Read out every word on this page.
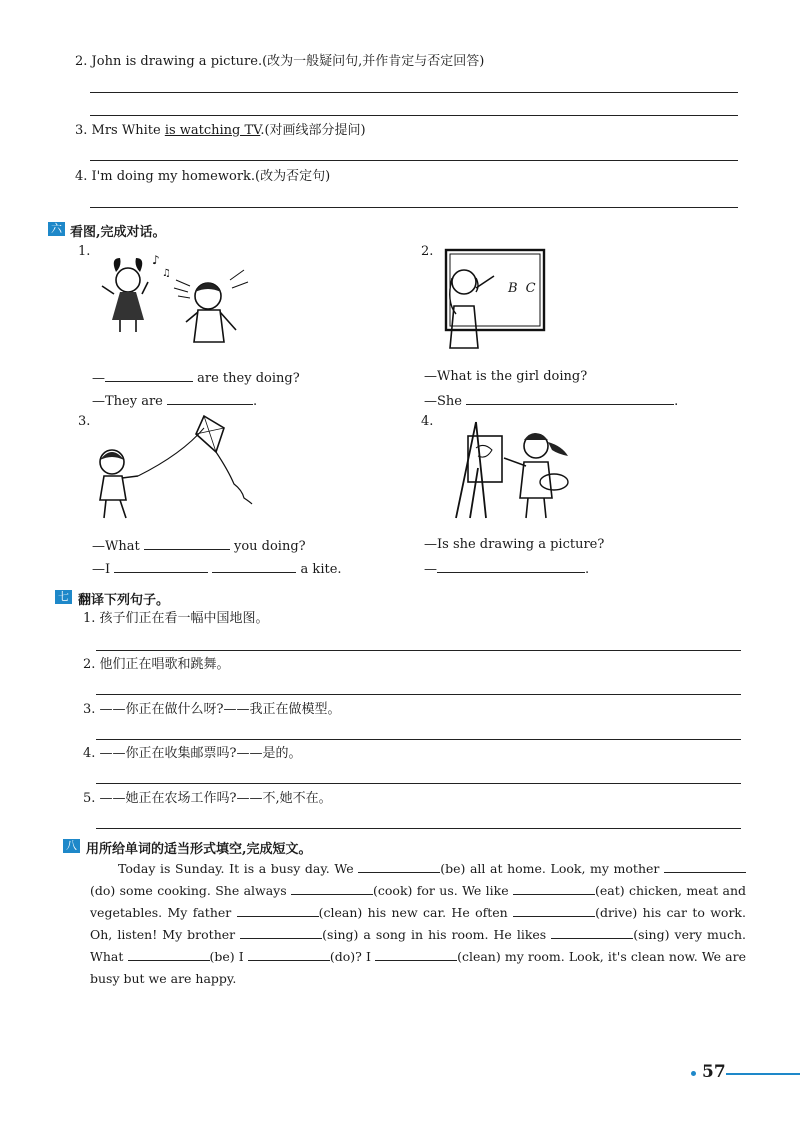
2. John is drawing a picture.(改为一般疑问句,并作肯定与否定回答)
3. Mrs White is watching TV.(对画线部分提问)
4. I'm doing my homework.(改为否定句)
六 看图,完成对话。
1.
♪
♫
—	are they doing?
—They are	.
2.
B C
—What is the girl doing?
—She	.
3.
—What	you doing?
—I	a kite.
4.
—Is she drawing a picture?
—	.
七 翻译下列句子。
1. 孩子们正在看一幅中国地图。
2. 他们正在唱歌和跳舞。
3. ——你正在做什么呀?——我正在做模型。
4. ——你正在收集邮票吗?——是的。
5. ——她正在农场工作吗?——不,她不在。
八 用所给单词的适当形式填空,完成短文。
Today is Sunday. It is a busy day. We	(be) all at home. Look, my mother (do) some cooking. She always	(cook) for us. We like	(eat) chicken, meat and vegetables. My father	(clean) his new car. He often	(drive) his car to work. Oh, listen! My brother	(sing) a song in his room. He likes	(sing) very much. What	(be) I	(do)? I	(clean) my room. Look, it's clean now. We are busy but we are happy.
57
